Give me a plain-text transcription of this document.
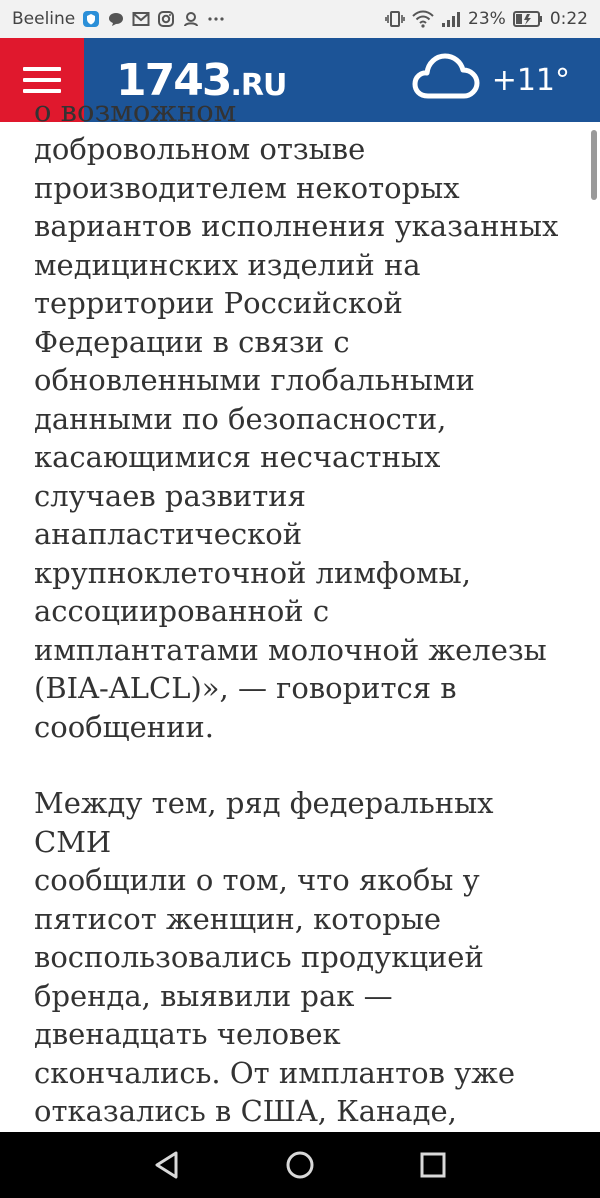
Beeline	23%	0:22
1743 .RU	+11°
о возможном

добровольном отзыве
производителем некоторых
вариантов исполнения указанных
медицинских изделий на
территории Российской
Федерации в связи с
обновленными глобальными
данными по безопасности,
касающимися несчастных
случаев развития
анапластической
крупноклеточной лимфомы,
ассоциированной с
имплантатами молочной железы
(BIA-ALCL)», — говорится в
сообщении.

Между тем, ряд федеральных СМИ
сообщили о том, что якобы у
пятисот женщин, которые
воспользовались продукцией
бренда, выявили рак —
двенадцать человек
скончались. От имплантов уже
отказались в США, Канаде,
